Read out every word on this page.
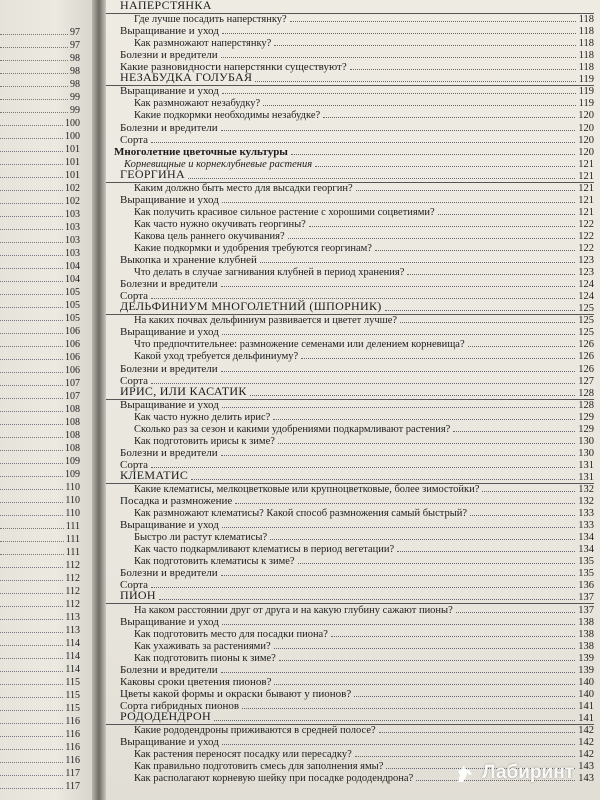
97
97
98
98
98
99
99
100
100
101
101
101
102
102
103
103
103
103
104
104
105
105
105
106
106
106
106
107
107
108
108
108
108
109
109
110
110
110
111
111
111
112
112
112
112
113
113
114
114
114
115
115
115
116
116
116
116
117
117
НАПЕРСТЯНКА
Где лучше посадить наперстянку?	118
Выращивание и уход	118
Как размножают наперстянку?	118
Болезни и вредители	118
Какие разновидности наперстянки существуют?	118
НЕЗАБУДКА ГОЛУБАЯ	119
Выращивание и уход	119
Как размножают незабудку?	119
Какие подкормки необходимы незабудке?	120
Болезни и вредители	120
Сорта	120
Многолетние цветочные культуры	120
Корневищные и корнеклубневые растения	121
ГЕОРГИНА	121
Каким должно быть место для высадки георгин?	121
Выращивание и уход	121
Как получить красивое сильное растение с хорошими соцветиями?	121
Как часто нужно окучивать георгины?	122
Какова цель раннего окучивания?	122
Какие подкормки и удобрения требуются георгинам?	122
Выкопка и хранение клубней	123
Что делать в случае загнивания клубней в период хранения?	123
Болезни и вредители	124
Сорта	124
ДЕЛЬФИНИУМ МНОГОЛЕТНИЙ (ШПОРНИК)	125
На каких почвах дельфиниум развивается и цветет лучше?	125
Выращивание и уход	125
Что предпочтительнее: размножение семенами или делением корневища?	126
Какой уход требуется дельфиниуму?	126
Болезни и вредители	126
Сорта	127
ИРИС, ИЛИ КАСАТИК	128
Выращивание и уход	128
Как часто нужно делить ирис?	129
Сколько раз за сезон и какими удобрениями подкармливают растения?	129
Как подготовить ирисы к зиме?	130
Болезни и вредители	130
Сорта	131
КЛЕМАТИС	131
Какие клематисы, мелкоцветковые или крупноцветковые, более зимостойки?	132
Посадка и размножение	132
Как размножают клематисы? Какой способ размножения самый быстрый?	133
Выращивание и уход	133
Быстро ли растут клематисы?	134
Как часто подкармливают клематисы в период вегетации?	134
Как подготовить клематисы к зиме?	135
Болезни и вредители	135
Сорта	136
ПИОН	137
На каком расстоянии друг от друга и на какую глубину сажают пионы?	137
Выращивание и уход	138
Как подготовить место для посадки пиона?	138
Как ухаживать за растениями?	138
Как подготовить пионы к зиме?	139
Болезни и вредители	139
Каковы сроки цветения пионов?	140
Цветы какой формы и окраски бывают у пионов?	140
Сорта гибридных пионов	141
РОДОДЕНДРОН	141
Какие рододендроны приживаются в средней полосе?	142
Выращивание и уход	142
Как растения переносят посадку или пересадку?	142
Как правильно подготовить смесь для заполнения ямы?	143
Как располагают корневую шейку при посадке рододендрона?	143
Лабиринт
